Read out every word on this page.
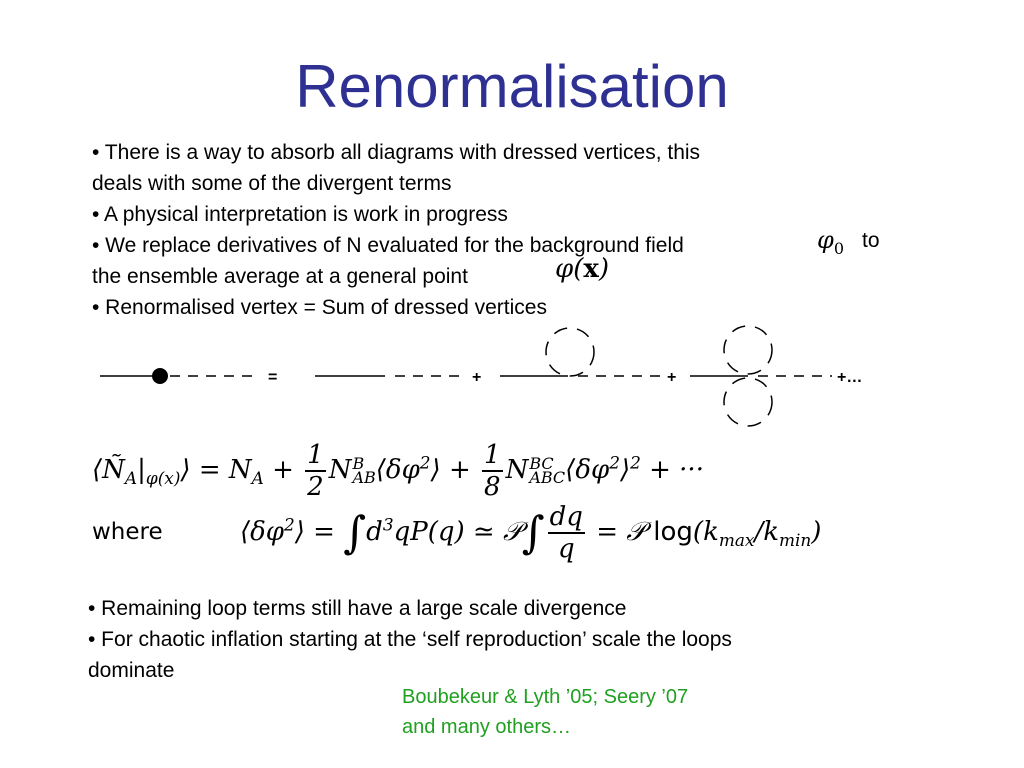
Renormalisation

• There is a way to absorb all diagrams with dressed vertices, this

deals with some of the divergent terms

• A physical interpretation is work in progress

• We replace derivatives of N evaluated for the background field

the ensemble average at a general point

• Renormalised vertex = Sum of dressed vertices

$\varphi_0$ to
φ(x)
=	+	+	+…
$⟨Ñ_A|_{\varphi(x)}⟩ = N_A + \frac{1}{2}$ NB
$AB⟨\delta\varphi^2⟩ + \frac{1}{8}$ NBC
$ABC⟨\delta\varphi^2⟩^2$ + ···
where	$⟨\delta\varphi^2⟩ = \int d^3qP(q)$ ≃ 𝒫∫ $\frac{dq}{q}$ = 𝒫 $\log(k_{max}/k_{min})$

• Remaining loop terms still have a large scale divergence

• For chaotic inflation starting at the ‘self reproduction’ scale the loops

dominate

Boubekeur & Lyth ’05; Seery ’07

and many others…
